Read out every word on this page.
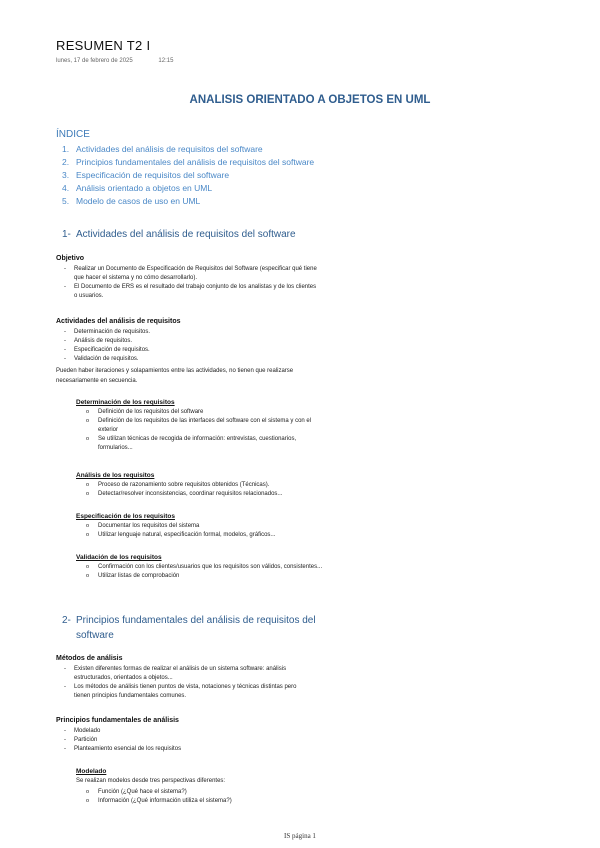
RESUMEN T2 I
lunes, 17 de febrero de 2025	12:15
ANALISIS ORIENTADO A OBJETOS EN UML
ÍNDICE
1. Actividades del análisis de requisitos del software
2. Principios fundamentales del análisis de requisitos del software
3. Especificación de requisitos del software
4. Análisis orientado a objetos en UML
5. Modelo de casos de uso en UML
1- Actividades del análisis de requisitos del software
Objetivo
- Realizar un Documento de Especificación de Requisitos del Software (especificar qué tiene
que hacer el sistema y no cómo desarrollarlo).
- El Documento de ERS es el resultado del trabajo conjunto de los analistas y de los clientes
o usuarios.
Actividades del análisis de requisitos
- Determinación de requisitos.
- Análisis de requisitos.
- Especificación de requisitos.
- Validación de requisitos.
Pueden haber iteraciones y solapamientos entre las actividades, no tienen que realizarse
necesariamente en secuencia.
Determinación de los requisitos
o Definición de los requisitos del software
o Definición de los requisitos de las interfaces del software con el sistema y con el
exterior
o Se utilizan técnicas de recogida de información: entrevistas, cuestionarios,
formularios...
Análisis de los requisitos
o Proceso de razonamiento sobre requisitos obtenidos (Técnicas).
o Detectar/resolver inconsistencias, coordinar requisitos relacionados...
Especificación de los requisitos
o Documentar los requisitos del sistema
o Utilizar lenguaje natural, especificación formal, modelos, gráficos...
Validación de los requisitos
o Confirmación con los clientes/usuarios que los requisitos son válidos, consistentes...
o Utilizar listas de comprobación
2- Principios fundamentales del análisis de requisitos del
software
Métodos de análisis
- Existen diferentes formas de realizar el análisis de un sistema software: análisis
estructurados, orientados a objetos...
- Los métodos de análisis tienen puntos de vista, notaciones y técnicas distintas pero
tienen principios fundamentales comunes.
Principios fundamentales de análisis
- Modelado
- Partición
- Planteamiento esencial de los requisitos
Modelado
Se realizan modelos desde tres perspectivas diferentes:
o Función (¿Qué hace el sistema?)
o Información (¿Qué información utiliza el sistema?)
IS página 1
